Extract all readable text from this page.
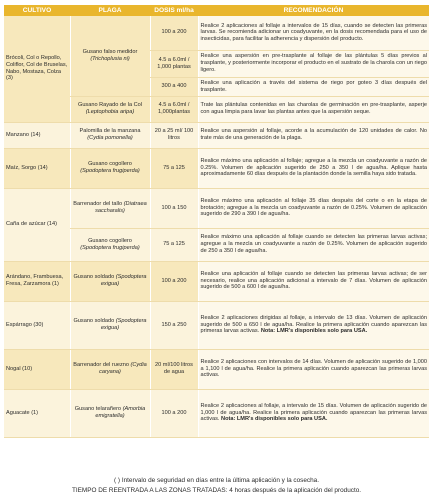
CULTIVO	PLAGA	DOSIS ml/ha	RECOMENDACIÓN
Brócoli, Col o Repollo, Coliflor, Col de Bruselas, Nabo, Mostaza, Colza (3)	Gusano falso medidor (Trichoplusia ni)	100 a 200	Realice 2 aplicaciones al follaje a intervalos de 15 días, cuando se detecten las primeras larvas. Se recomienda adicionar un coadyuvante, en la dosis recomendada para el uso de insecticidas, para facilitar la adherencia y dispersión del producto.
		4.5 a 6.0ml / 1,000 plantas	Realice una aspersión en pre-trasplante al follaje de las plántulas 5 días previos al trasplante, y posteriormente incorporar el producto en el sustrato de la charola con un riego ligero.
		300 a 400	Realice una aplicación a través del sistema de riego por goteo 3 días después del trasplante.
	Gusano Rayado de la Col (Leptophobia aripa)	4.5 a 6.0ml / 1,000plantas	Trate las plántulas contenidas en las charolas de germinación en pre-trasplante, asperje con agua limpia para lavar las plantas antes que la aspersión seque.
Manzano (14)	Palomilla de la manzana (Cydia pomonella)	20 a 25 ml/ 100 litros	Realice una aspersión al follaje, acorde a la acumulación de 120 unidades de calor. No trate más de una generación de la plaga.
Maíz, Sorgo (14)	Gusano cogollero (Spodoptera frugiperda)	75 a 125	Realice máximo una aplicación al follaje; agregue a la mezcla un coadyuvante a razón de 0.25%. Volumen de aplicación sugerido de 250 a 350 l de agua/ha. Aplique hasta aproximadamente 60 días después de la plantación donde la semilla haya sido tratada.
Caña de azúcar (14)	Barrenador del tallo (Diatraea saccharalis)	100 a 150	Realice máximo una aplicación al follaje 35 días después del corte o en la etapa de brotación; agregue a la mezcla un coadyuvante a razón de 0.25%. Volumen de aplicación sugerido de 290 a 390 l de agua/ha.
	Gusano cogollero (Spodoptera frugiperda)	75 a 125	Realice máximo una aplicación al follaje cuando se detecten las primeras larvas activas; agregue a la mezcla un coadyuvante a razón de 0.25%. Volumen de aplicación sugerido de 250 a 350 l de agua/ha.
Arándano, Frambuesa, Fresa, Zarzamora (1)	Gusano soldado (Spodoptera exigua)	100 a 200	Realice una aplicación al follaje cuando se detecten las primeras larvas activas; de ser necesario, realice una aplicación adicional a intervalo de 7 días. Volumen de aplicación sugerido de 500 a 600 l de agua/ha.
Espárrago (30)	Gusano soldado (Spodoptera exigua)	150 a 250	Realice 2 aplicaciones dirigidas al follaje, a intervalo de 13 días. Volumen de aplicación sugerido de 500 a 650 l de agua/ha. Realice la primera aplicación cuando aparezcan las primeras larvas activas. Nota: LMR's disponibles solo para USA.
Nogal (10)	Barrenador del ruezno (Cydia caryana)	20 ml/100 litros de agua	Realice 2 aplicaciones con intervalos de 14 días. Volumen de aplicación sugerido de 1,000 a 1,100 l de agua/ha. Realice la primera aplicación cuando aparezcan las primeras larvas activas.
Aguacate (1)	Gusano telarañero (Amorbia emigratella)	100 a 200	Realice 2 aplicaciones al follaje, a intervalo de 15 días. Volumen de aplicación sugerido de 1,000 l de agua/ha. Realice la primera aplicación cuando aparezcan las primeras larvas activas. Nota: LMR's disponibles solo para USA.
( ) Intervalo de seguridad en días entre la última aplicación y la cosecha.
TIEMPO DE REENTRADA A LAS ZONAS TRATADAS: 4 horas después de la aplicación del producto.
